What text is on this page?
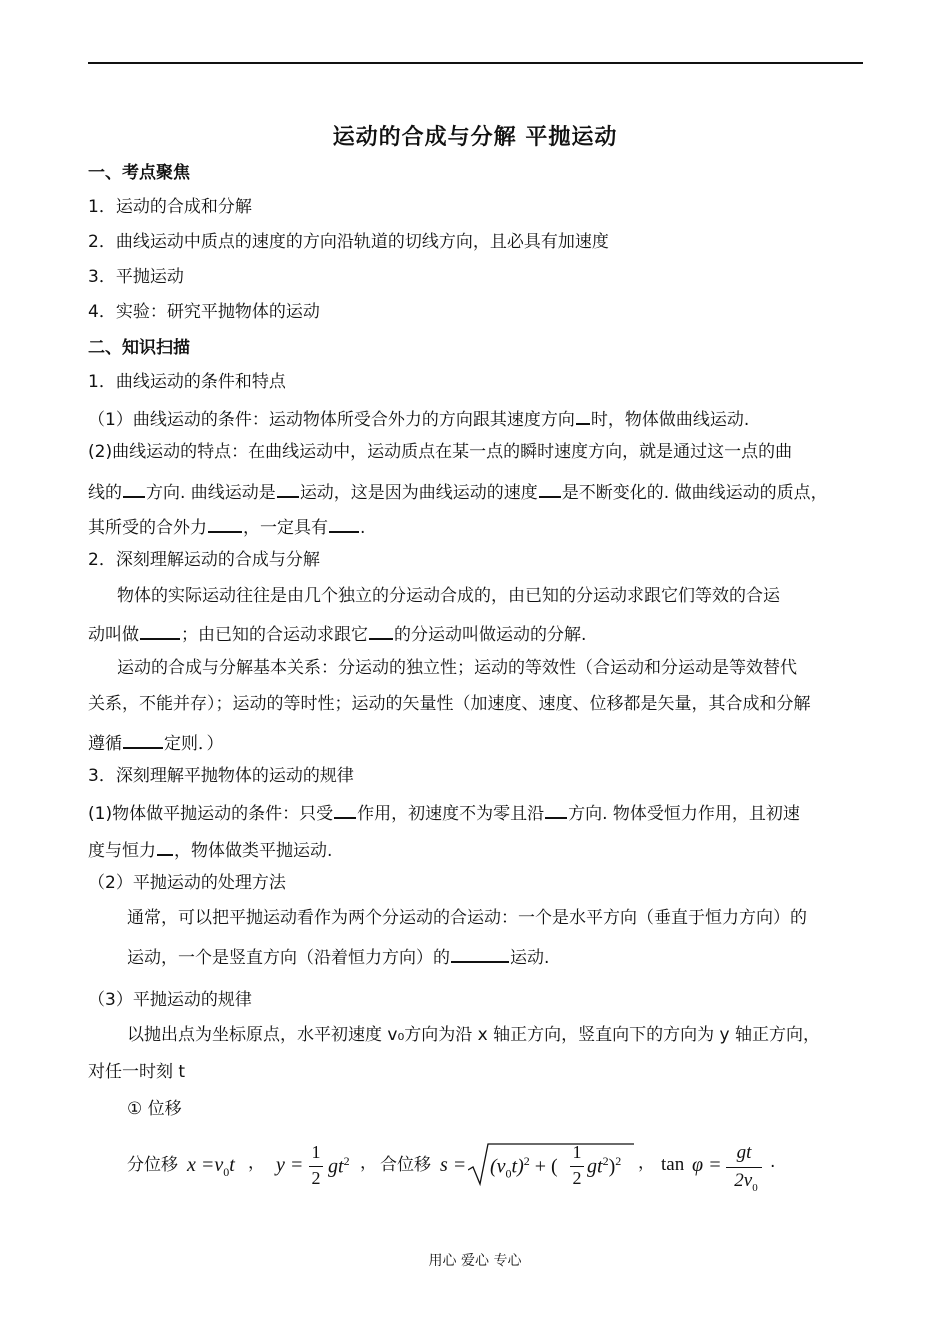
运动的合成与分解 平抛运动
一、考点聚焦
1．运动的合成和分解
2．曲线运动中质点的速度的方向沿轨道的切线方向，且必具有加速度
3．平抛运动
4．实验：研究平抛物体的运动
二、知识扫描
1．曲线运动的条件和特点
（1）曲线运动的条件：运动物体所受合外力的方向跟其速度方向 时，物体做曲线运动.
(2)曲线运动的特点：在曲线运动中，运动质点在某一点的瞬时速度方向，就是通过这一点的曲
线的 方向. 曲线运动是 运动，这是因为曲线运动的速度 是不断变化的. 做曲线运动的质点，
其所受的合外力 ，一定具有 .
2．深刻理解运动的合成与分解
物体的实际运动往往是由几个独立的分运动合成的，由已知的分运动求跟它们等效的合运
动叫做 ；由已知的合运动求跟它 的分运动叫做运动的分解.
运动的合成与分解基本关系：分运动的独立性；运动的等效性（合运动和分运动是等效替代
关系，不能并存）；运动的等时性；运动的矢量性（加速度、速度、位移都是矢量，其合成和分解
遵循 定则．）
3．深刻理解平抛物体的运动的规律
(1)物体做平抛运动的条件：只受 作用，初速度不为零且沿 方向. 物体受恒力作用，且初速
度与恒力 ，物体做类平抛运动.
（2）平抛运动的处理方法
通常，可以把平抛运动看作为两个分运动的合运动：一个是水平方向（垂直于恒力方向）的
运动，一个是竖直方向（沿着恒力方向）的	运动.
（3）平抛运动的规律
以抛出点为坐标原点，水平初速度 v₀方向为沿 x 轴正方向，竖直向下的方向为 y 轴正方向，
对任一时刻 t
① 位移
分位移 $x =v_0t$ ， y =
1
2
$gt^2$ ， 合位移 $s = (v_0t)^2$ + (
1
2
$gt^2)^2$ ， tan φ =
gt
$2v_0$
.
用心 爱心 专心
